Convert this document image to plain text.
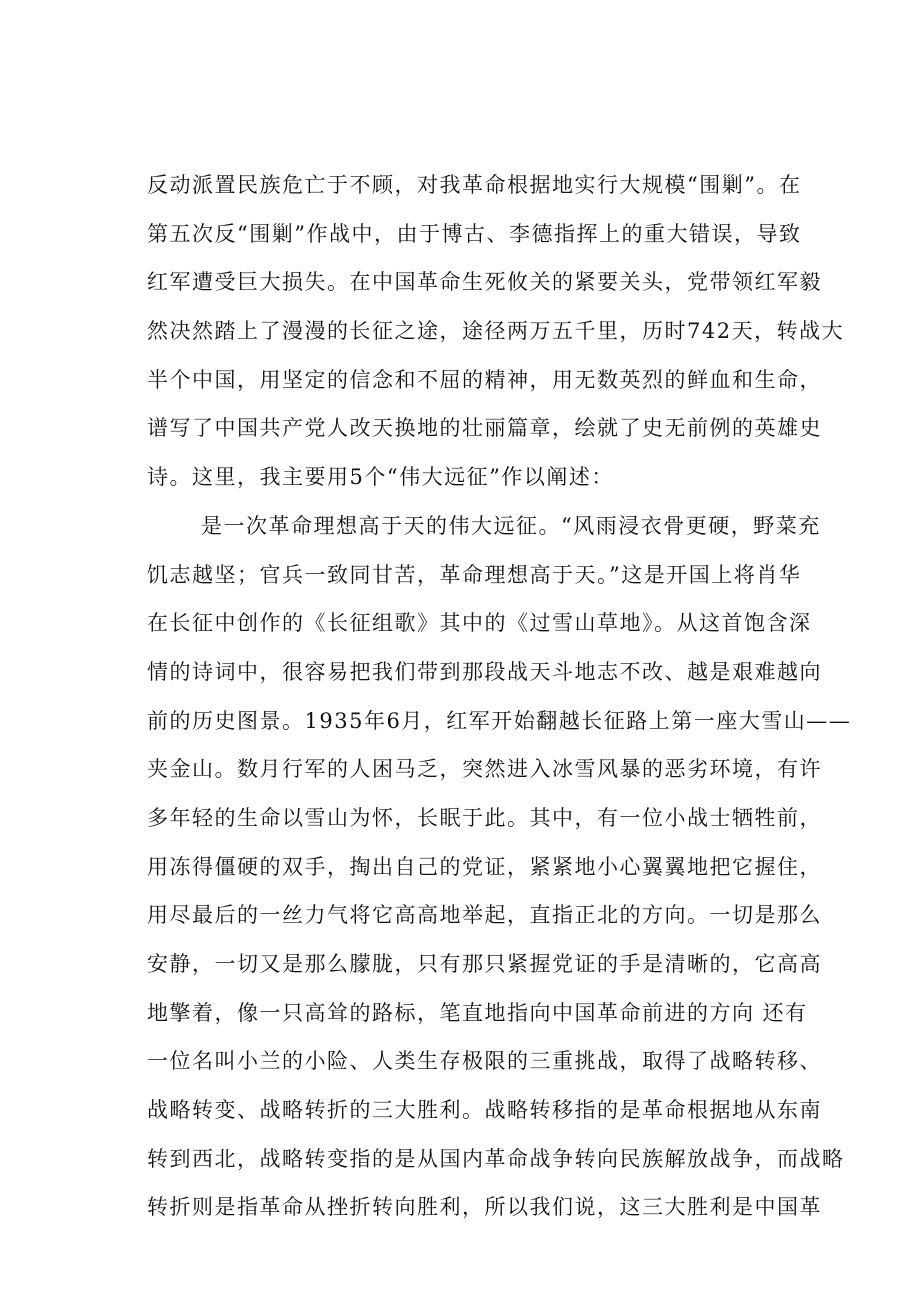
反动派置民族危亡于不顾，对我革命根据地实行大规模“围剿”。在
第五次反“围剿”作战中，由于博古、李德指挥上的重大错误，导致
红军遭受巨大损失。在中国革命生死攸关的紧要关头，党带领红军毅
然决然踏上了漫漫的长征之途，途径两万五千里，历时742天，转战大
半个中国，用坚定的信念和不屈的精神，用无数英烈的鲜血和生命，
谱写了中国共产党人改天换地的壮丽篇章，绘就了史无前例的英雄史
诗。这里，我主要用5个“伟大远征”作以阐述：
是一次革命理想高于天的伟大远征。“风雨浸衣骨更硬，野菜充
饥志越坚；官兵一致同甘苦，革命理想高于天。”这是开国上将肖华
在长征中创作的《长征组歌》其中的《过雪山草地》。从这首饱含深
情的诗词中，很容易把我们带到那段战天斗地志不改、越是艰难越向
前的历史图景。1935年6月，红军开始翻越长征路上第一座大雪山——
夹金山。数月行军的人困马乏，突然进入冰雪风暴的恶劣环境，有许
多年轻的生命以雪山为怀，长眠于此。其中，有一位小战士牺牲前，
用冻得僵硬的双手，掏出自己的党证，紧紧地小心翼翼地把它握住，
用尽最后的一丝力气将它高高地举起，直指正北的方向。一切是那么
安静，一切又是那么朦胧，只有那只紧握党证的手是清晰的，它高高
地擎着，像一只高耸的路标，笔直地指向中国革命前进的方向 还有
一位名叫小兰的小险、人类生存极限的三重挑战，取得了战略转移、
战略转变、战略转折的三大胜利。战略转移指的是革命根据地从东南
转到西北，战略转变指的是从国内革命战争转向民族解放战争，而战略
转折则是指革命从挫折转向胜利，所以我们说，这三大胜利是中国革
